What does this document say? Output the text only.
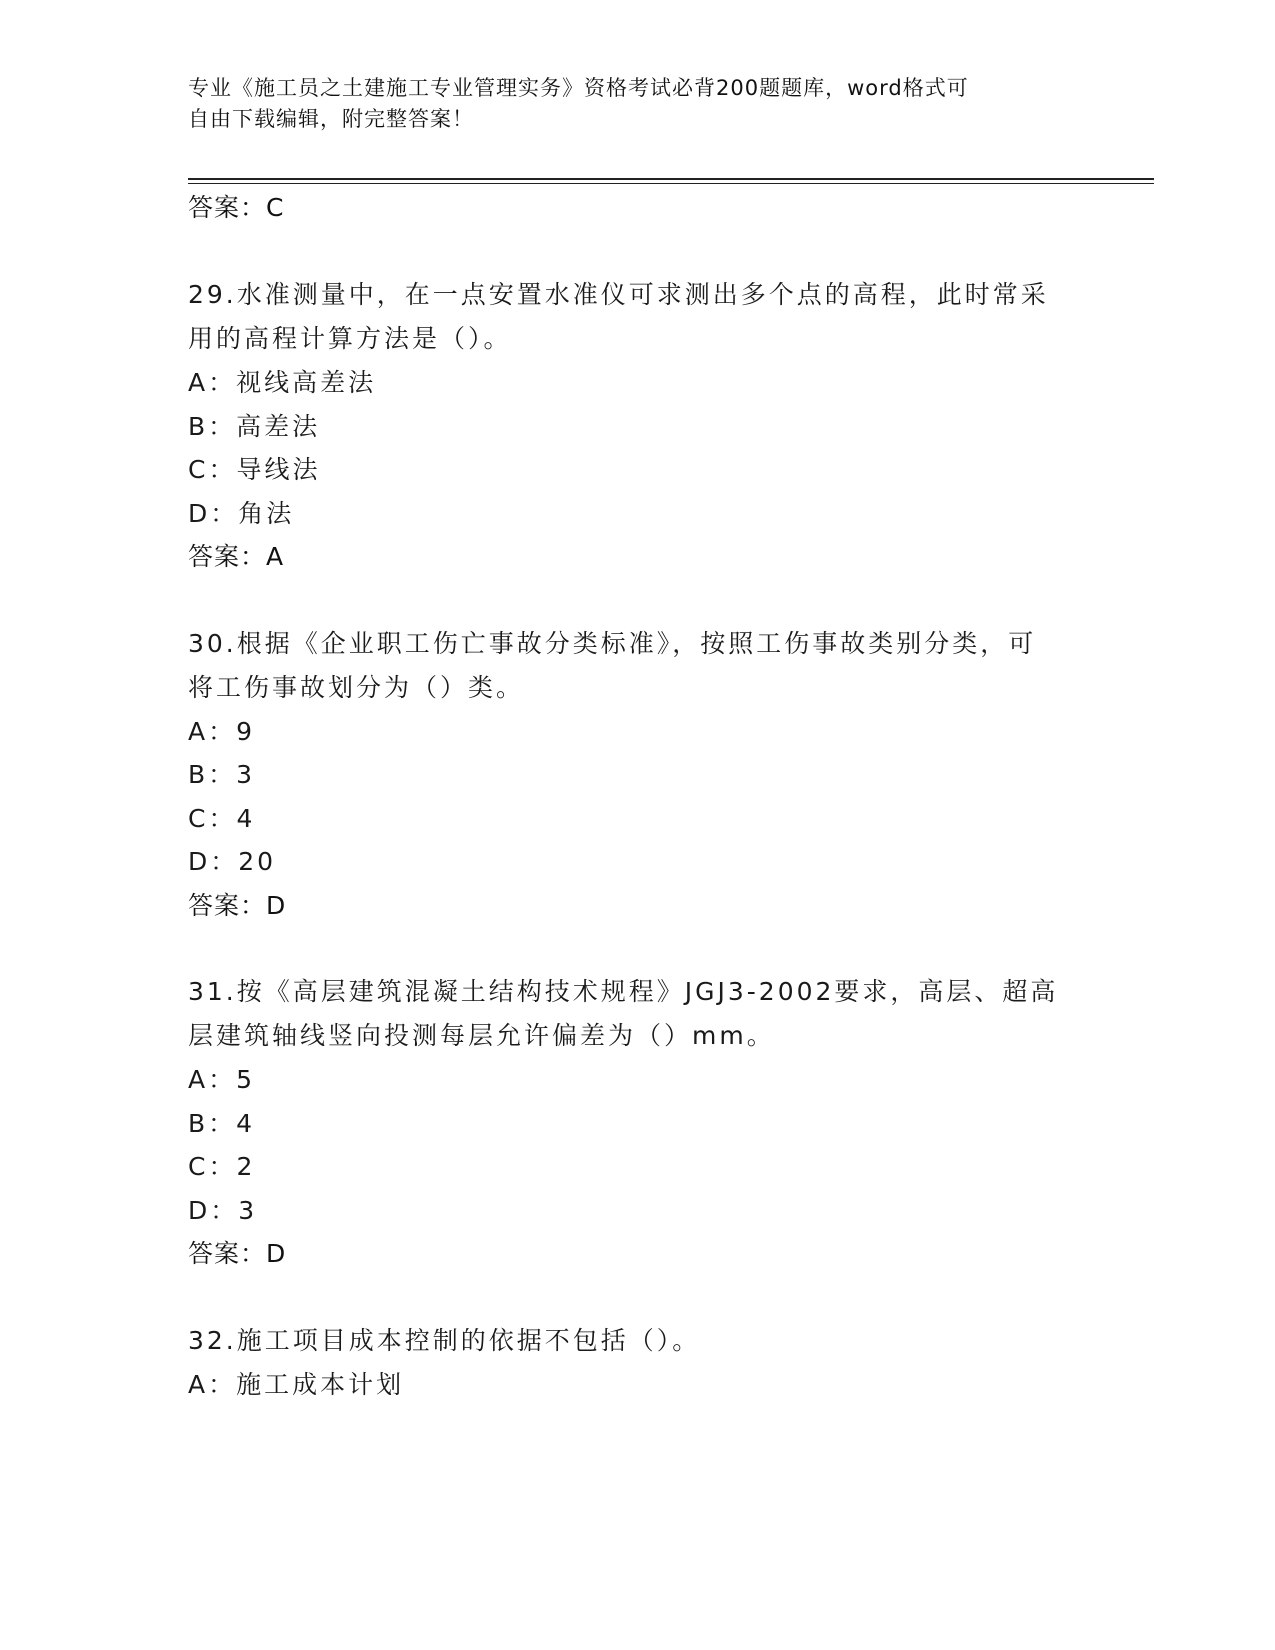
专业《施工员之土建施工专业管理实务》资格考试必背200题题库，word格式可
自由下载编辑，附完整答案！
答案：C
29.水准测量中，在一点安置水准仪可求测出多个点的高程，此时常采
用的高程计算方法是（）。
A：视线高差法
B：高差法
C：导线法
D：角法
答案：A
30.根据《企业职工伤亡事故分类标准》，按照工伤事故类别分类，可
将工伤事故划分为（）类。
A：9
B：3
C：4
D：20
答案：D
31.按《高层建筑混凝土结构技术规程》JGJ3-2002要求，高层、超高
层建筑轴线竖向投测每层允许偏差为（）mm。
A：5
B：4
C：2
D：3
答案：D
32.施工项目成本控制的依据不包括（）。
A：施工成本计划
